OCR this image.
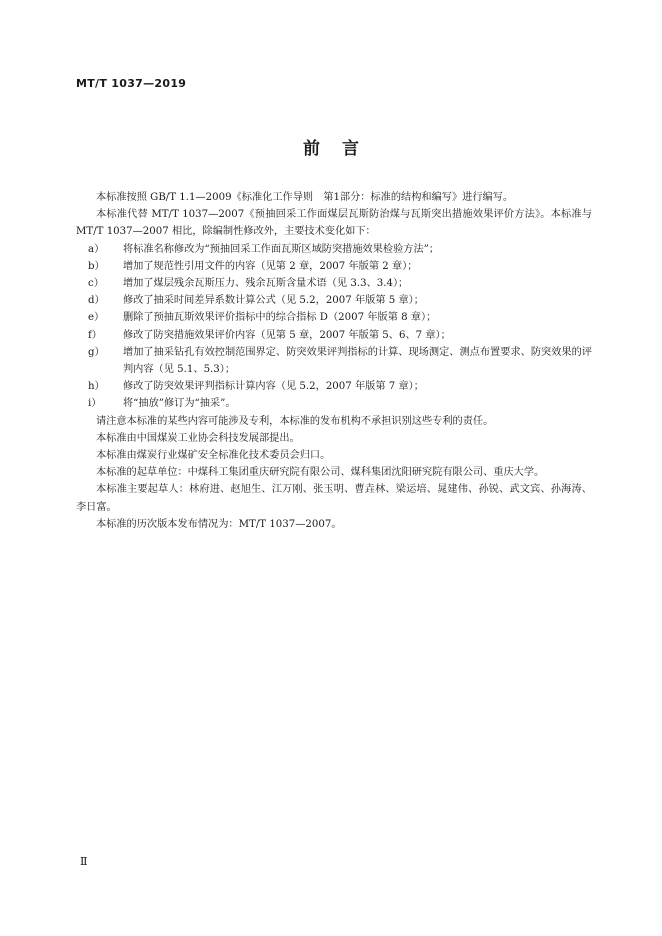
MT/T 1037—2019
前言

本标准按照 GB/T 1.1—2009《标准化工作导则　第1部分：标准的结构和编写》进行编写。

本标准代替 MT/T 1037—2007《预抽回采工作面煤层瓦斯防治煤与瓦斯突出措施效果评价方法》。本标准与 MT/T 1037—2007 相比，除编制性修改外，主要技术变化如下：

a）	将标准名称修改为“预抽回采工作面瓦斯区域防突措施效果检验方法”；
b）	增加了规范性引用文件的内容（见第 2 章，2007 年版第 2 章）；
c）	增加了煤层残余瓦斯压力、残余瓦斯含量术语（见 3.3、3.4）；
d）	修改了抽采时间差异系数计算公式（见 5.2，2007 年版第 5 章）；
e）	删除了预抽瓦斯效果评价指标中的综合指标 D（2007 年版第 8 章）；
f）	修改了防突措施效果评价内容（见第 5 章，2007 年版第 5、6、7 章）；
g）	增加了抽采钻孔有效控制范围界定、防突效果评判指标的计算、现场测定、测点布置要求、防突效果的评判内容（见 5.1、5.3）；
h）	修改了防突效果评判指标计算内容（见 5.2，2007 年版第 7 章）；
i）	将“抽放”修订为“抽采”。

请注意本标准的某些内容可能涉及专利，本标准的发布机构不承担识别这些专利的责任。

本标准由中国煤炭工业协会科技发展部提出。

本标准由煤炭行业煤矿安全标准化技术委员会归口。

本标准的起草单位：中煤科工集团重庆研究院有限公司、煤科集团沈阳研究院有限公司、重庆大学。

本标准主要起草人：林府进、赵旭生、江万刚、张玉明、曹垚林、梁运培、晁建伟、孙锐、武文宾、孙海涛、李日富。

本标准的历次版本发布情况为：MT/T 1037—2007。

Ⅱ
